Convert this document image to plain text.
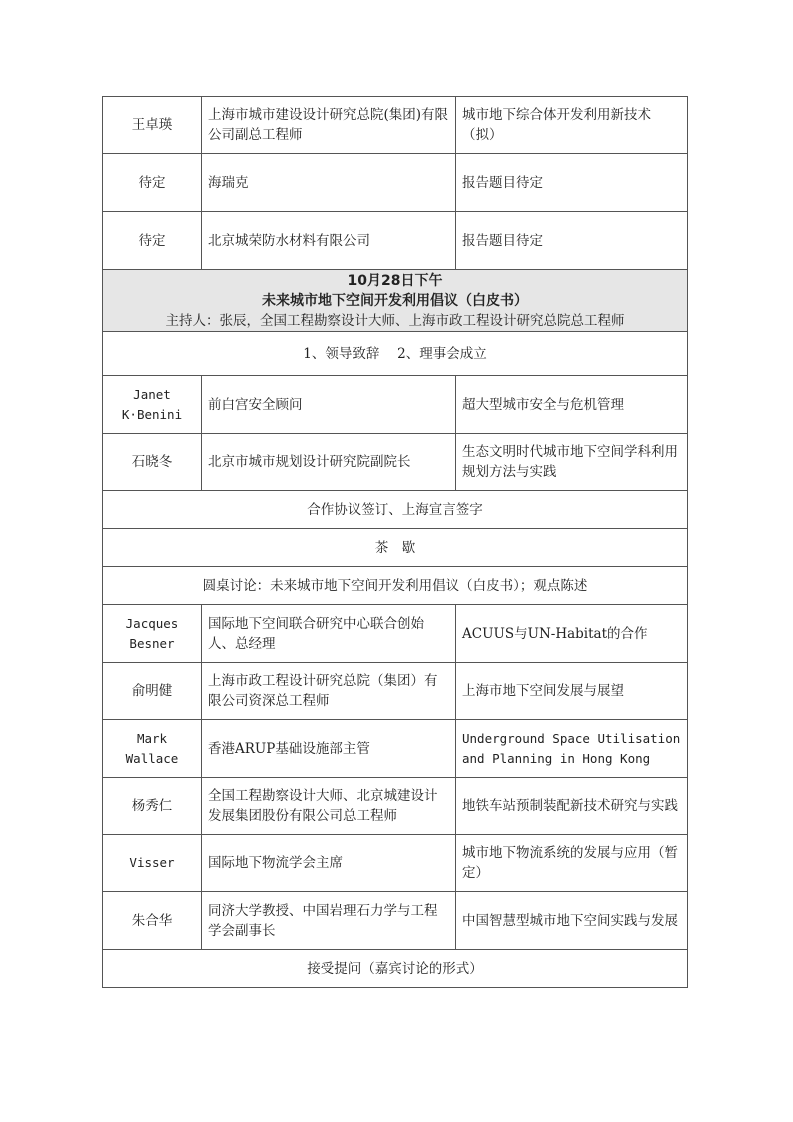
王卓瑛	上海市城市建设设计研究总院(集团)有限公司副总工程师	城市地下综合体开发利用新技术（拟）
待定	海瑞克	报告题目待定
待定	北京城荣防水材料有限公司	报告题目待定

10月28日下午
未来城市地下空间开发利用倡议（白皮书）
主持人：张辰，全国工程勘察设计大师、上海市政工程设计研究总院总工程师		

1、领导致辞　 2、理事会成立		
Janet K·Benini	前白宫安全顾问	超大型城市安全与危机管理
石晓冬	北京市城市规划设计研究院副院长	生态文明时代城市地下空间学科利用规划方法与实践
合作协议签订、上海宣言签字		
茶　歇		
圆桌讨论：未来城市地下空间开发利用倡议（白皮书）；观点陈述		
Jacques Besner	国际地下空间联合研究中心联合创始人、总经理	ACUUS与UN-Habitat的合作
俞明健	上海市政工程设计研究总院（集团）有限公司资深总工程师	上海市地下空间发展与展望
Mark Wallace	香港ARUP基础设施部主管	Underground Space Utilisation and Planning in Hong Kong
杨秀仁	全国工程勘察设计大师、北京城建设计发展集团股份有限公司总工程师	地铁车站预制装配新技术研究与实践
Visser	国际地下物流学会主席	城市地下物流系统的发展与应用（暂定）
朱合华	同济大学教授、中国岩理石力学与工程学会副事长	中国智慧型城市地下空间实践与发展
接受提问（嘉宾讨论的形式）		
